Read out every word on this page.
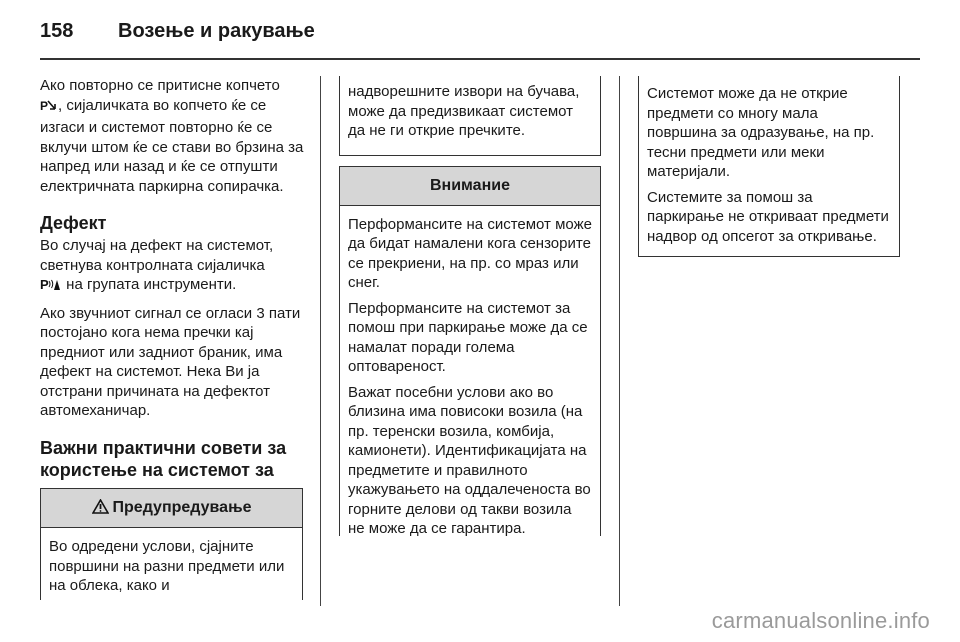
158 Возење и ракување

Ако повторно се притисне копчето

P , сијаличката во копчето ќе се изгаси и системот повторно ќе се вклучи штом ќе се стави во брзина за напред или назад и ќе се отпушти електричната паркирна сопирачка.

Дефект

Во случај на дефект на системот, светнува контролната сијаличка

P на групата инструменти.

Ако звучниот сигнал се огласи 3 пати постојано кога нема пречки кај предниот или задниот браник, има дефект на системот. Нека Ви ја отстрани причината на дефектот автомеханичар.

Важни практични совети за користење на системот за
Предупредување

Во одредени услови, сјајните површини на разни предмети или на облека, како и

надворешните извори на бучава, може да предизвикаат системот да не ги открие пречките.

Внимание

Перформансите на системот може да бидат намалени кога сензорите се прекриени, на пр. со мраз или снег.

Перформансите на системот за помош при паркирање може да се намалат поради голема оптовареност.

Важат посебни услови ако во близина има повисоки возила (на пр. теренски возила, комбија, камионети). Идентификацијата на предметите и правилното укажувањето на оддалеченоста во горните делови од такви возила не може да се гарантира.

Системот може да не открие предмети со многу мала површина за одразување, на пр. тесни предмети или меки материјали.

Системите за помош за паркирање не откриваат предмети надвор од опсегот за откривање.

carmanualsonline.info
